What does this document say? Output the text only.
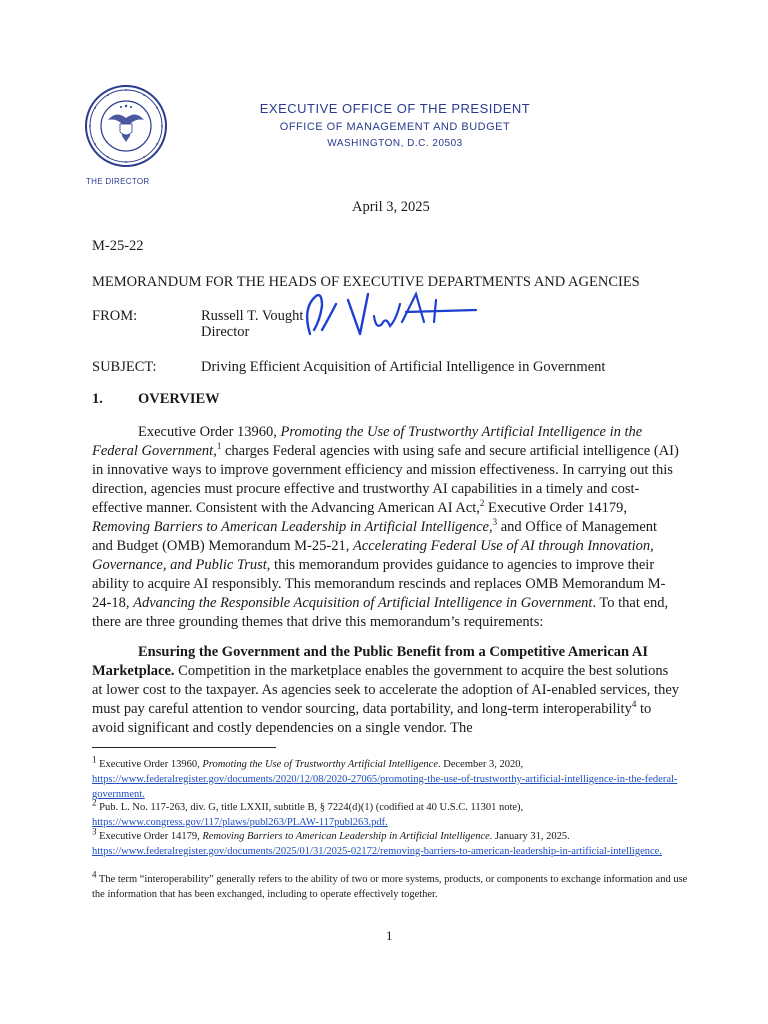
EXECUTIVE OFFICE OF THE PRESIDENT
OFFICE OF MANAGEMENT AND BUDGET
WASHINGTON, D.C. 20503
THE DIRECTOR
April 3, 2025
M-25-22
MEMORANDUM FOR THE HEADS OF EXECUTIVE DEPARTMENTS AND AGENCIES
FROM:	Russell T. Vought
Director
SUBJECT:	Driving Efficient Acquisition of Artificial Intelligence in Government
1. OVERVIEW
Executive Order 13960, Promoting the Use of Trustworthy Artificial Intelligence in the Federal Government,$^1$ charges Federal agencies with using safe and secure artificial intelligence (AI) in innovative ways to improve government efficiency and mission effectiveness. In carrying out this direction, agencies must procure effective and trustworthy AI capabilities in a timely and cost-effective manner. Consistent with the Advancing American AI Act,$^2$ Executive Order 14179, Removing Barriers to American Leadership in Artificial Intelligence,$^3$ and Office of Management and Budget (OMB) Memorandum M-25-21, Accelerating Federal Use of AI through Innovation, Governance, and Public Trust, this memorandum provides guidance to agencies to improve their ability to acquire AI responsibly. This memorandum rescinds and replaces OMB Memorandum M-24-18, Advancing the Responsible Acquisition of Artificial Intelligence in Government. To that end, there are three grounding themes that drive this memorandum’s requirements:
Ensuring the Government and the Public Benefit from a Competitive American AI Marketplace. Competition in the marketplace enables the government to acquire the best solutions at lower cost to the taxpayer. As agencies seek to accelerate the adoption of AI-enabled services, they must pay careful attention to vendor sourcing, data portability, and long-term interoperability$^4$ to avoid significant and costly dependencies on a single vendor. The
$^1$ Executive Order 13960, Promoting the Use of Trustworthy Artificial Intelligence. December 3, 2020, https://www.federalregister.gov/documents/2020/12/08/2020-27065/promoting-the-use-of-trustworthy-artificial-intelligence-in-the-federal-government.
$^2$ Pub. L. No. 117-263, div. G, title LXXII, subtitle B, § 7224(d)(1) (codified at 40 U.S.C. 11301 note), https://www.congress.gov/117/plaws/publ263/PLAW-117publ263.pdf.
$^3$ Executive Order 14179, Removing Barriers to American Leadership in Artificial Intelligence. January 31, 2025. https://www.federalregister.gov/documents/2025/01/31/2025-02172/removing-barriers-to-american-leadership-in-artificial-intelligence.
$^4$ The term “interoperability” generally refers to the ability of two or more systems, products, or components to exchange information and use the information that has been exchanged, including to operate effectively together.
1
